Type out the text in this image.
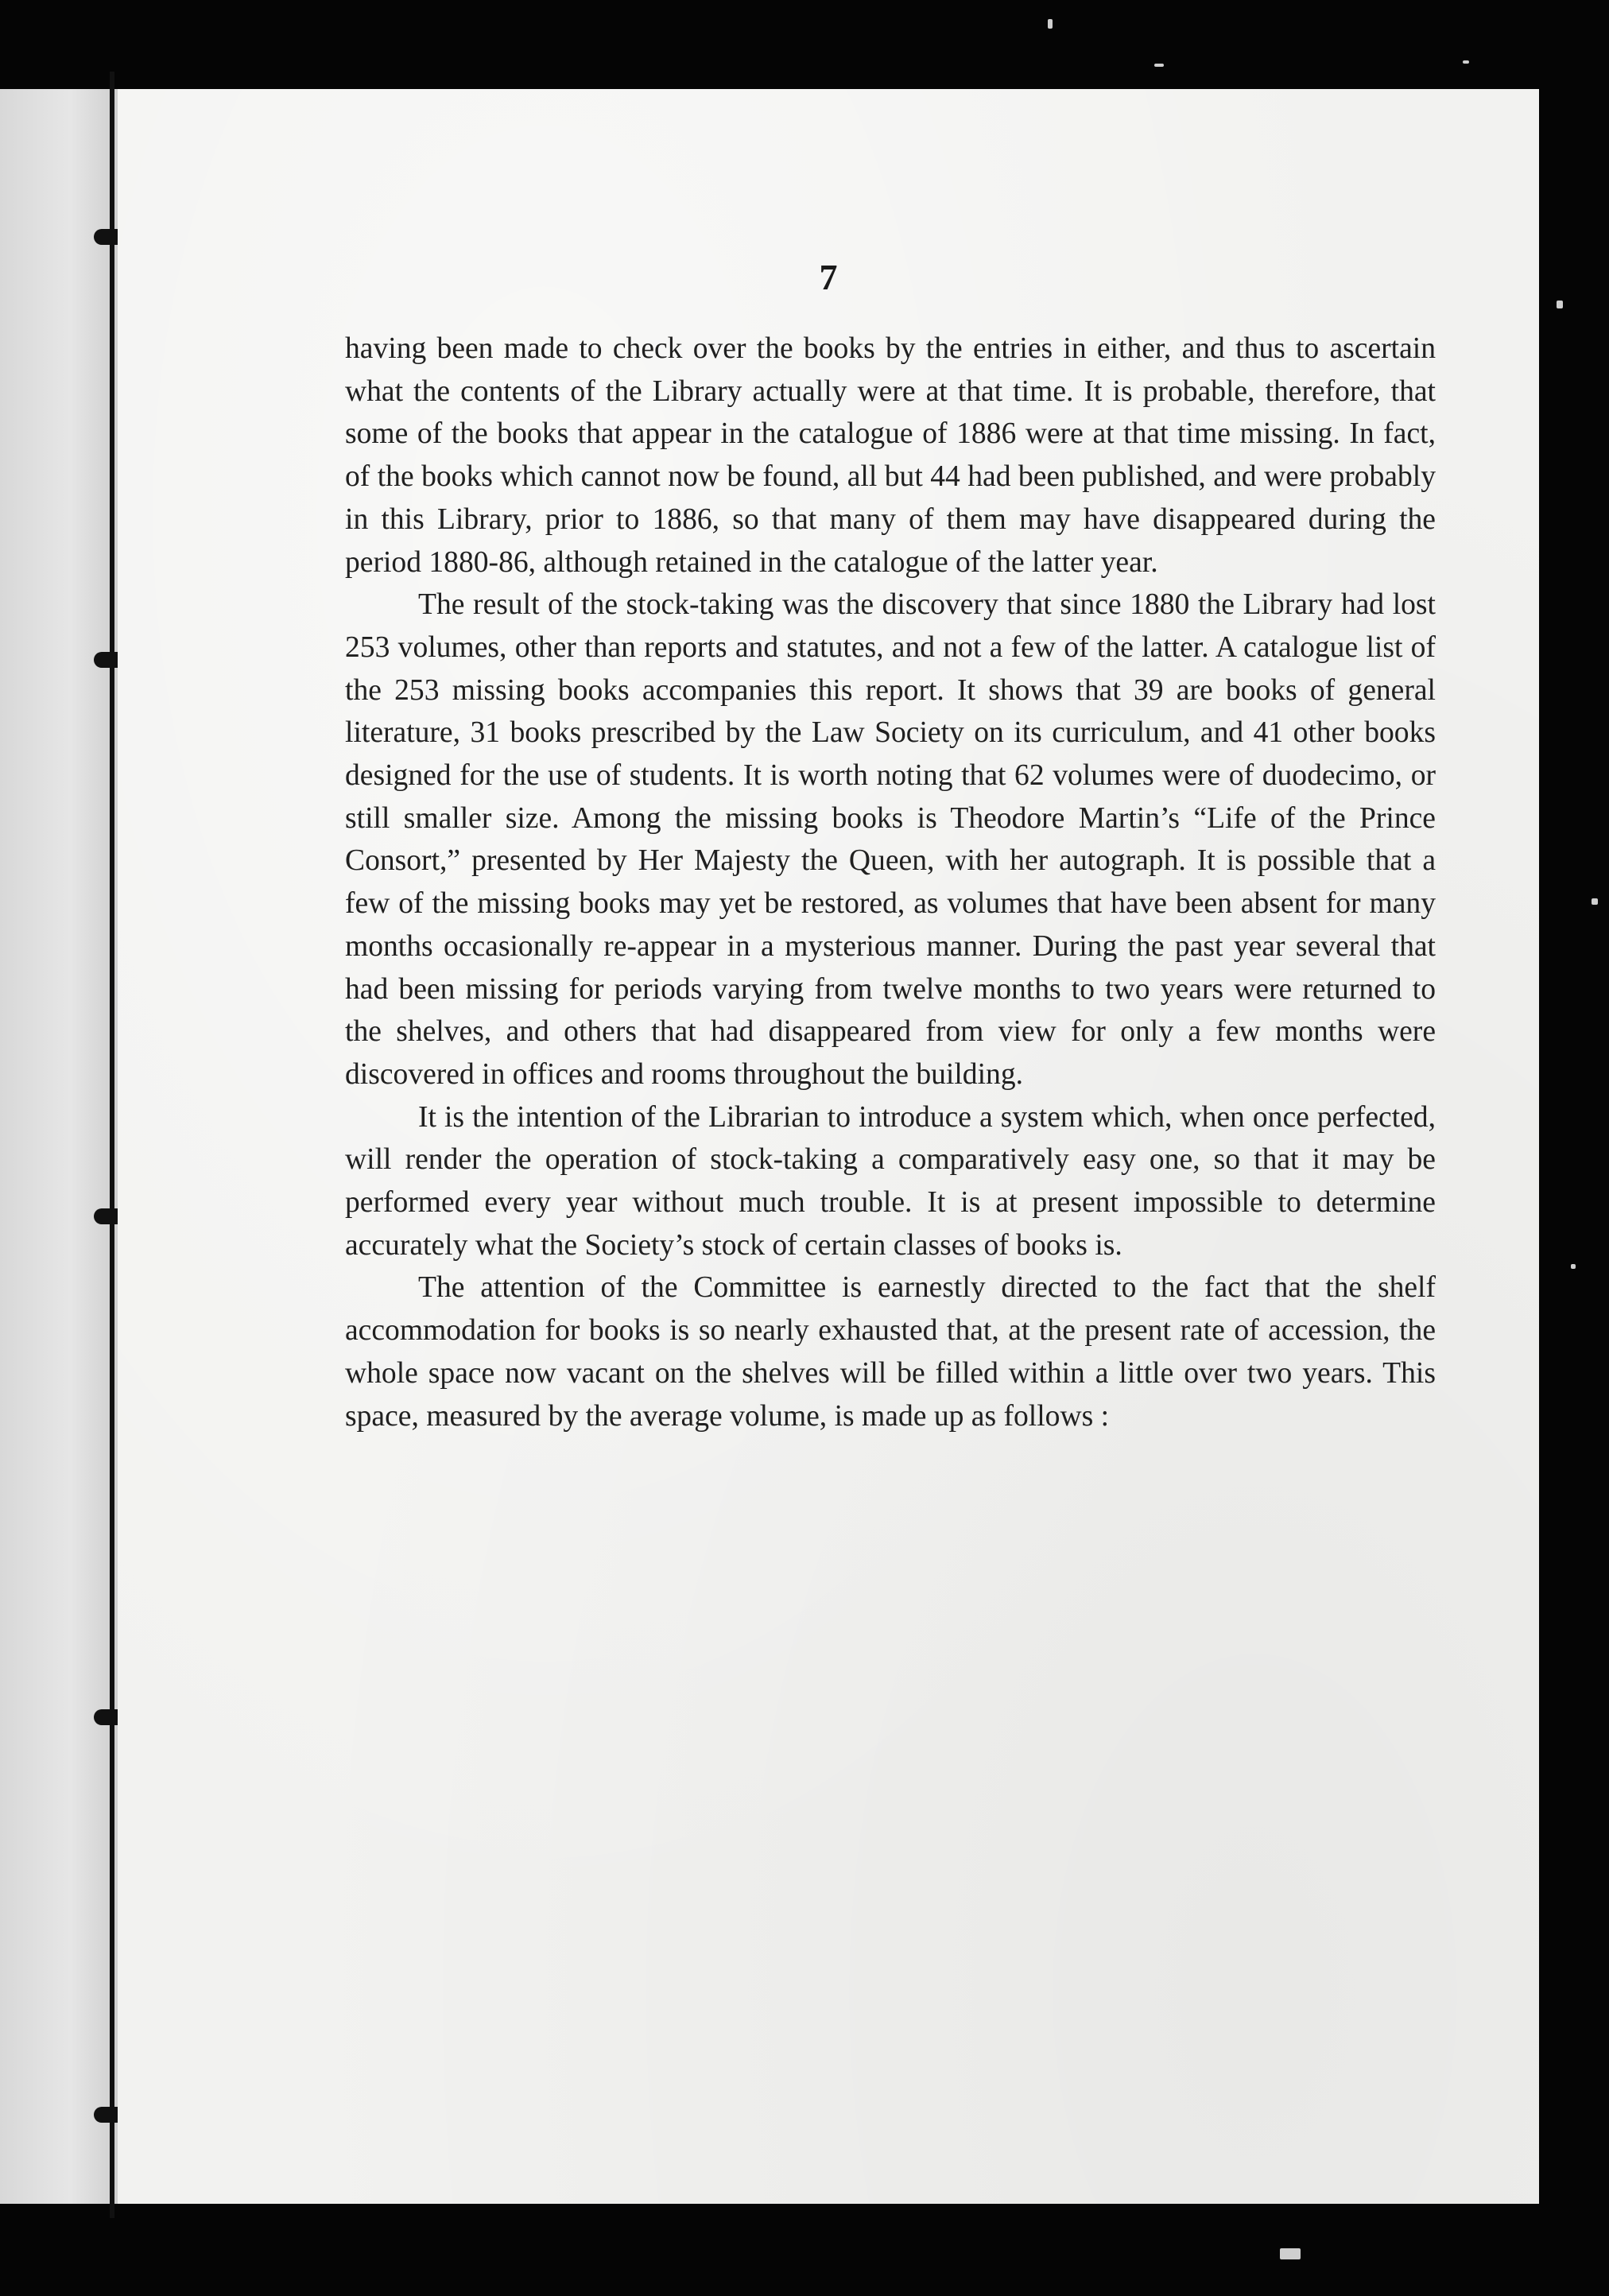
7

having been made to check over the books by the entries in either, and thus to ascertain what the contents of the Library actually were at that time. It is probable, therefore, that some of the books that appear in the catalogue of 1886 were at that time missing. In fact, of the books which cannot now be found, all but 44 had been published, and were probably in this Library, prior to 1886, so that many of them may have disappeared during the period 1880-86, although retained in the catalogue of the latter year.

The result of the stock-taking was the discovery that since 1880 the Library had lost 253 volumes, other than reports and statutes, and not a few of the latter. A catalogue list of the 253 missing books accompanies this report. It shows that 39 are books of general literature, 31 books prescribed by the Law Society on its curriculum, and 41 other books designed for the use of students. It is worth noting that 62 volumes were of duodecimo, or still smaller size. Among the missing books is Theodore Martin’s “Life of the Prince Consort,” presented by Her Majesty the Queen, with her autograph. It is possible that a few of the missing books may yet be restored, as volumes that have been absent for many months occasionally re-appear in a mysterious manner. During the past year several that had been missing for periods varying from twelve months to two years were returned to the shelves, and others that had disappeared from view for only a few months were discovered in offices and rooms throughout the building.

It is the intention of the Librarian to introduce a system which, when once perfected, will render the operation of stock-taking a comparatively easy one, so that it may be performed every year without much trouble. It is at present impossible to determine accurately what the Society’s stock of certain classes of books is.

The attention of the Committee is earnestly directed to the fact that the shelf accommodation for books is so nearly exhausted that, at the present rate of accession, the whole space now vacant on the shelves will be filled within a little over two years. This space, measured by the average volume, is made up as follows :
